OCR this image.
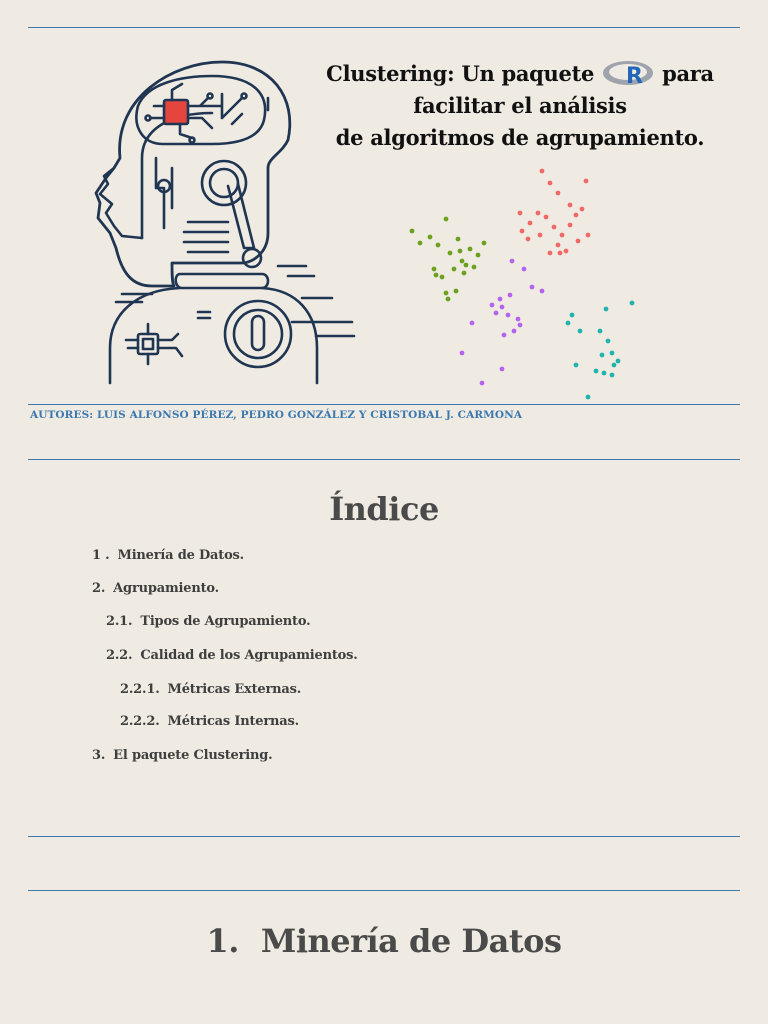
Clustering: Un paquete R para
facilitar el análisis
de algoritmos de agrupamiento.
AUTORES: LUIS ALFONSO PÉREZ, PEDRO GONZÁLEZ Y CRISTOBAL J. CARMONA
Índice
1 . Minería de Datos.
2. Agrupamiento.
2.1. Tipos de Agrupamiento.
2.2. Calidad de los Agrupamientos.
2.2.1. Métricas Externas.
2.2.2. Métricas Internas.
3. El paquete Clustering.
1. Minería de Datos
